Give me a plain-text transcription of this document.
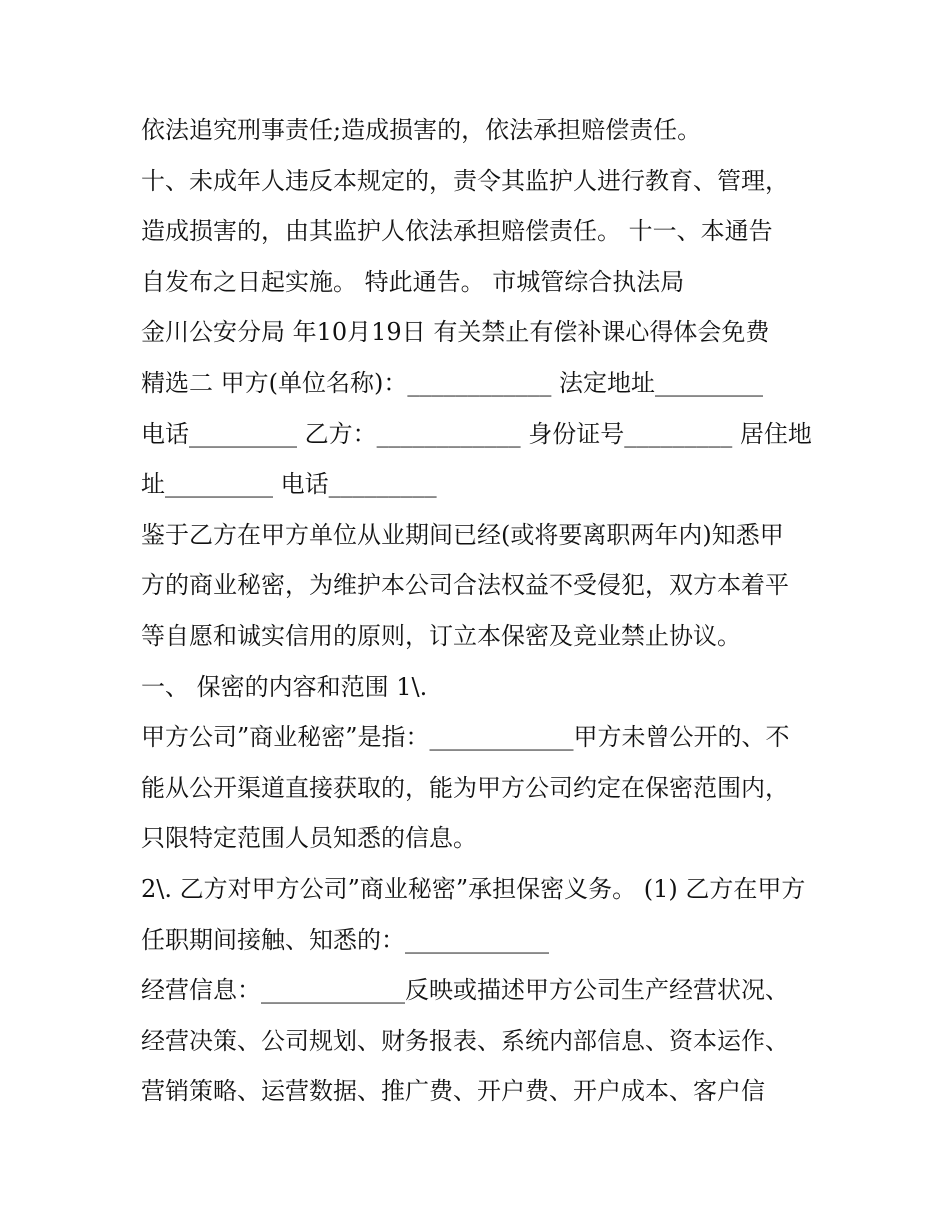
依法追究刑事责任;造成损害的，依法承担赔偿责任。
十、未成年人违反本规定的，责令其监护人进行教育、管理，
造成损害的，由其监护人依法承担赔偿责任。 十一、本通告
自发布之日起实施。 特此通告。 市城管综合执法局
金川公安分局 年10月19日 有关禁止有偿补课心得体会免费
精选二 甲方(单位名称)：____________ 法定地址_________
电话_________ 乙方：____________ 身份证号_________ 居住地
址_________ 电话_________
鉴于乙方在甲方单位从业期间已经(或将要离职两年内)知悉甲
方的商业秘密，为维护本公司合法权益不受侵犯，双方本着平
等自愿和诚实信用的原则，订立本保密及竞业禁止协议。
一、 保密的内容和范围 1\.
甲方公司”商业秘密”是指：____________甲方未曾公开的、不
能从公开渠道直接获取的，能为甲方公司约定在保密范围内，
只限特定范围人员知悉的信息。
2\. 乙方对甲方公司”商业秘密”承担保密义务。 (1) 乙方在甲方
任职期间接触、知悉的：____________
经营信息：____________反映或描述甲方公司生产经营状况、
经营决策、公司规划、财务报表、系统内部信息、资本运作、
营销策略、运营数据、推广费、开户费、开户成本、客户信
